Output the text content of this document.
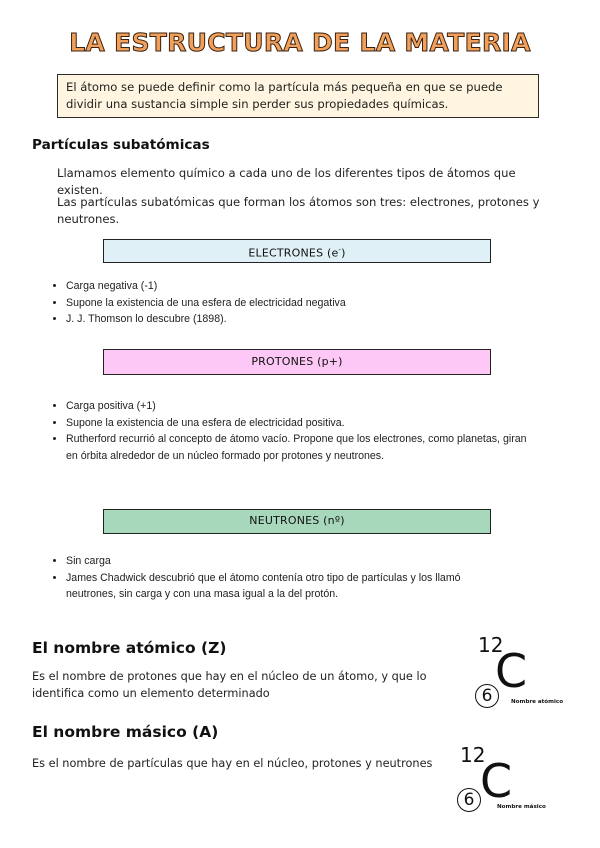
LA ESTRUCTURA DE LA MATERIA
El átomo se puede definir como la partícula más pequeña en que se puede dividir una sustancia simple sin perder sus propiedades químicas.
Partículas subatómicas
Llamamos elemento químico a cada uno de los diferentes tipos de átomos que existen.
Las partículas subatómicas que forman los átomos son tres: electrones, protones y neutrones.
ELECTRONES (e-)
• Carga negativa (-1)
• Supone la existencia de una esfera de electricidad negativa
• J. J. Thomson lo descubre (1898).
PROTONES (p+)
• Carga positiva (+1)
• Supone la existencia de una esfera de electricidad positiva.
• Rutherford recurrió al concepto de átomo vacío. Propone que los electrones, como planetas, giran en órbita alrededor de un núcleo formado por protones y neutrones.
NEUTRONES (nº)
• Sin carga
• James Chadwick descubrió que el átomo contenía otro tipo de partículas y los llamó neutrones, sin carga y con una masa igual a la del protón.
El nombre atómico (Z)
Es el nombre de protones que hay en el núcleo de un átomo, y que lo identifica como un elemento determinado
12
C
6	Nombre atómico
El nombre másico (A)
Es el nombre de partículas que hay en el núcleo, protones y neutrones	12
C
6	Nombre másico
